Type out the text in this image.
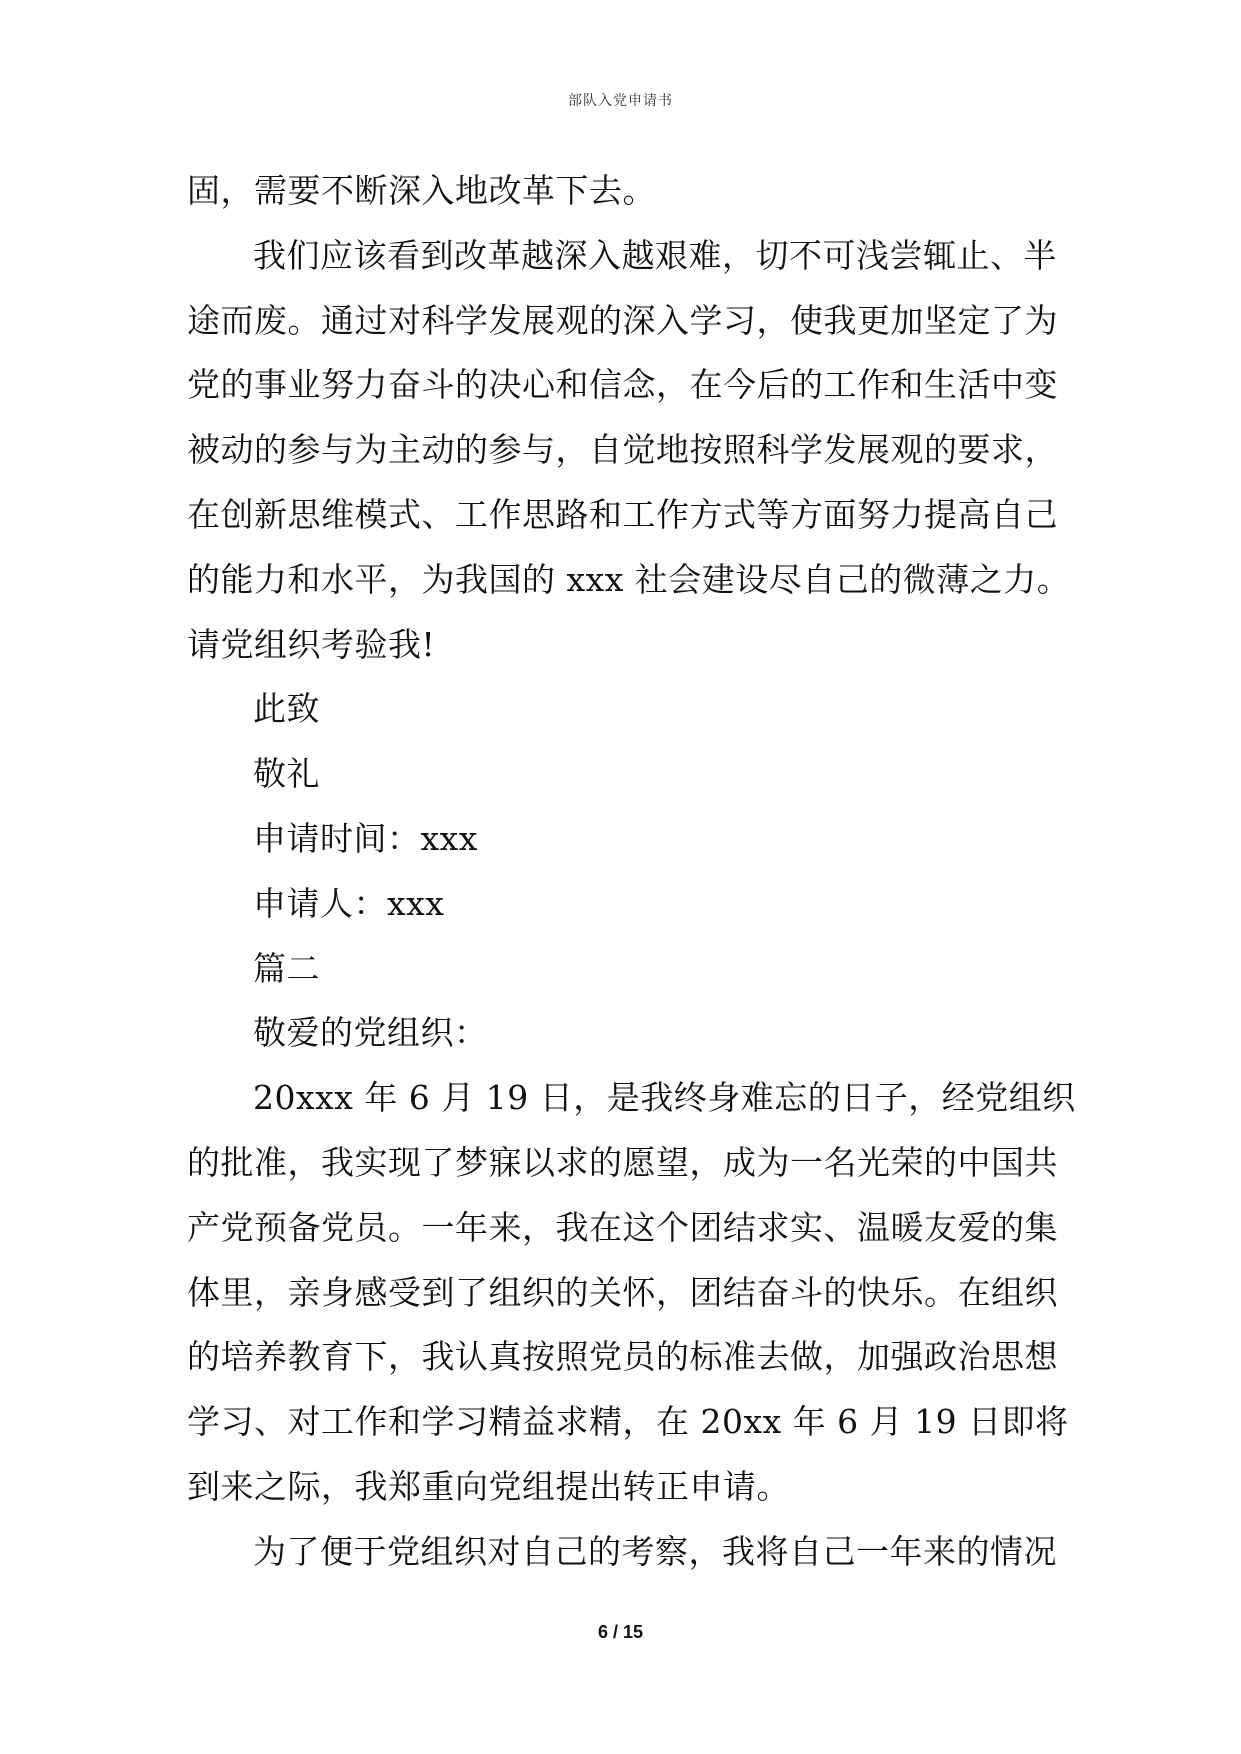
部队入党申请书
固，需要不断深入地改革下去。
我们应该看到改革越深入越艰难，切不可浅尝辄止、半
途而废。通过对科学发展观的深入学习，使我更加坚定了为
党的事业努力奋斗的决心和信念，在今后的工作和生活中变
被动的参与为主动的参与，自觉地按照科学发展观的要求，
在创新思维模式、工作思路和工作方式等方面努力提高自己
的能力和水平，为我国的 xxx 社会建设尽自己的微薄之力。
请党组织考验我!
此致
敬礼
申请时间：xxx
申请人：xxx
篇二
敬爱的党组织：
20xxx 年 6 月 19 日，是我终身难忘的日子，经党组织
的批准，我实现了梦寐以求的愿望，成为一名光荣的中国共
产党预备党员。一年来，我在这个团结求实、温暖友爱的集
体里，亲身感受到了组织的关怀，团结奋斗的快乐。在组织
的培养教育下，我认真按照党员的标准去做，加强政治思想
学习、对工作和学习精益求精，在 20xx 年 6 月 19 日即将
到来之际，我郑重向党组提出转正申请。
为了便于党组织对自己的考察，我将自己一年来的情况
6 / 15
